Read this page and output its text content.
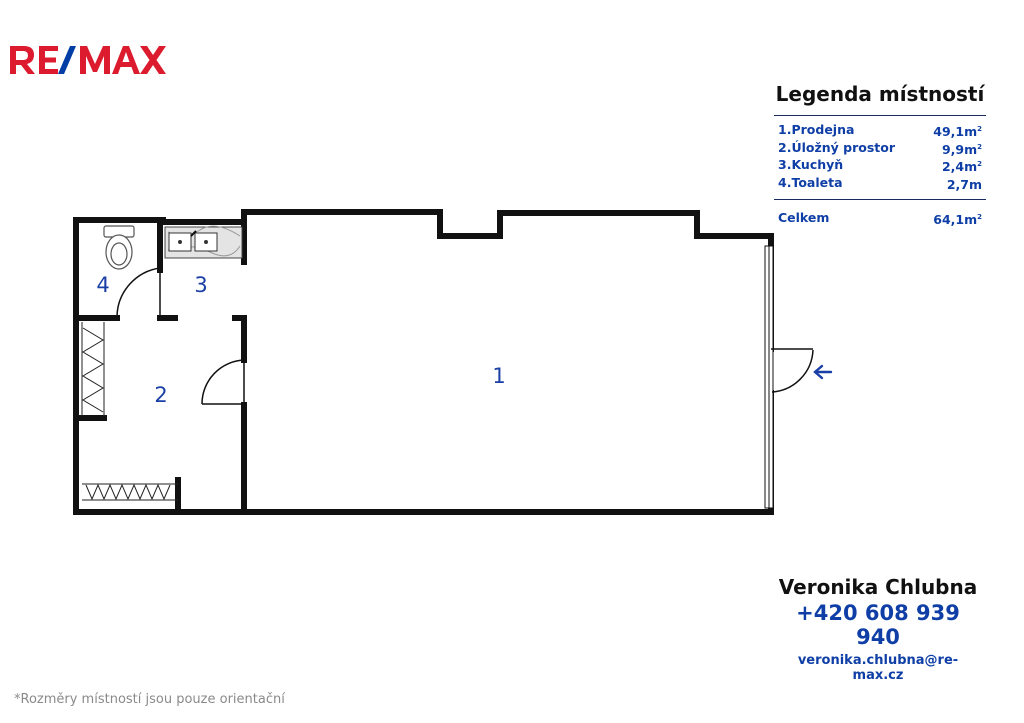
Legenda místností
1.Prodejna	$49,1m^2$
2.Úložný prostor	$9,9m^2$
3.Kuchyň	$2,4m^2$
4.Toaleta	2,7m
Celkem	$64,1m^2$
1
2
3
4
Veronika Chlubna
+420 608 939 940
veronika.chlubna@re-max.cz
*Rozměry místností jsou pouze orientační
